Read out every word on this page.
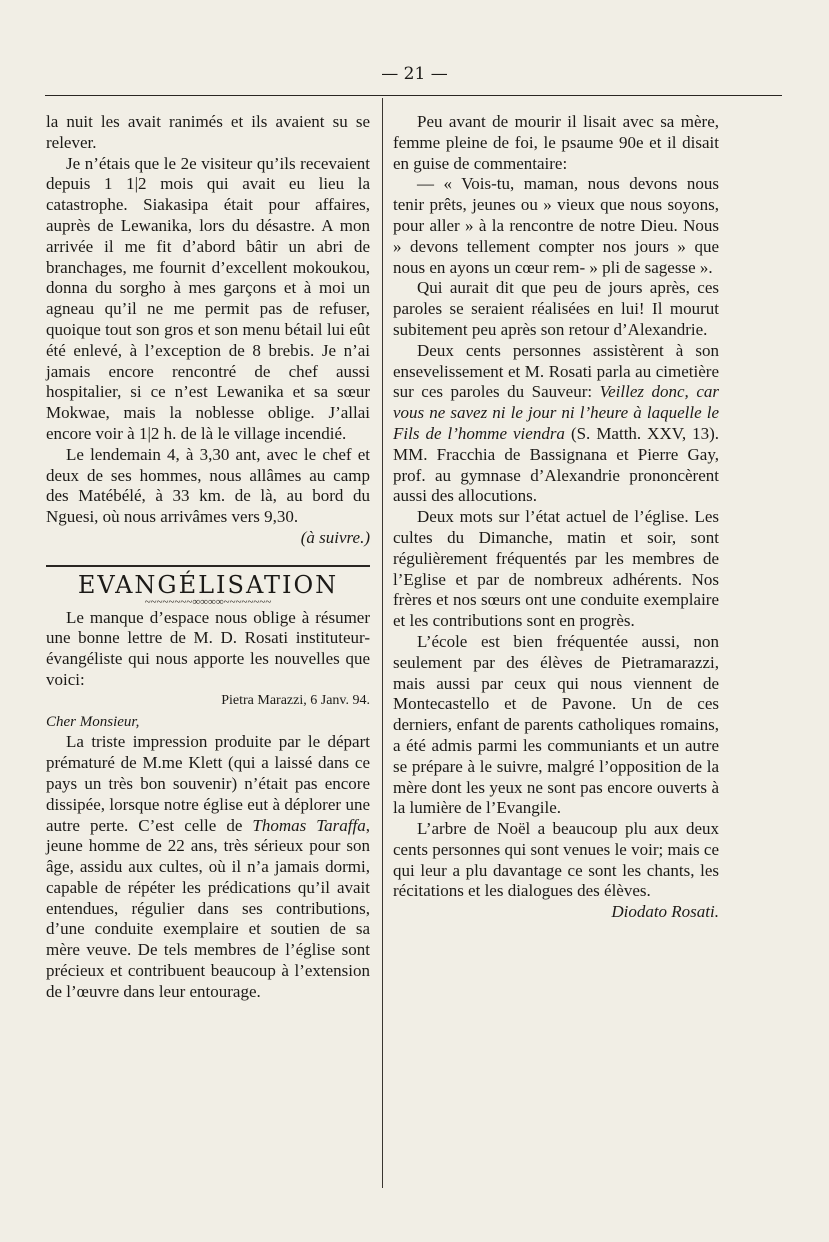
— 21 —

la nuit les avait ranimés et ils avaient su se relever.

Je n’étais que le 2e visiteur qu’ils recevaient depuis 1 1|2 mois qui avait eu lieu la catastrophe. Siakasipa était pour affaires, auprès de Lewanika, lors du désastre. A mon arrivée il me fit d’abord bâtir un abri de branchages, me fournit d’excellent mokoukou, donna du sorgho à mes garçons et à moi un agneau qu’il ne me permit pas de refuser, quoique tout son gros et son menu bétail lui eût été enlevé, à l’exception de 8 brebis. Je n’ai jamais encore rencontré de chef aussi hospitalier, si ce n’est Lewanika et sa sœur Mokwae, mais la noblesse oblige. J’allai encore voir à 1|2 h. de là le village incendié.

Le lendemain 4, à 3,30 ant, avec le chef et deux de ses hommes, nous allâmes au camp des Matébélé, à 33 km. de là, au bord du Nguesi, où nous arrivâmes vers 9,30.

(à suivre.)

EVANGÉLISATION

~~~~~~~~∞∞∞∞~~~~~~~~

Le manque d’espace nous oblige à résumer une bonne lettre de M. D. Rosati instituteur-évangéliste qui nous apporte les nouvelles que voici:

Pietra Marazzi, 6 Janv. 94.

Cher Monsieur,

La triste impression produite par le départ prématuré de M.me Klett (qui a laissé dans ce pays un très bon souvenir) n’était pas encore dissipée, lorsque notre église eut à déplorer une autre perte. C’est celle de Thomas Taraffa, jeune homme de 22 ans, très sérieux pour son âge, assidu aux cultes, où il n’a jamais dormi, capable de répéter les prédications qu’il avait entendues, régulier dans ses contributions, d’une conduite exemplaire et soutien de sa mère veuve. De tels membres de l’église sont précieux et contribuent beaucoup à l’extension de l’œuvre dans leur entourage.

Peu avant de mourir il lisait avec sa mère, femme pleine de foi, le psaume 90e et il disait en guise de commentaire:

— « Vois-tu, maman, nous devons nous tenir prêts, jeunes ou » vieux que nous soyons, pour aller » à la rencontre de notre Dieu. Nous » devons tellement compter nos jours » que nous en ayons un cœur rem- » pli de sagesse ».

Qui aurait dit que peu de jours après, ces paroles se seraient réalisées en lui! Il mourut subitement peu après son retour d’Alexandrie.

Deux cents personnes assistèrent à son ensevelissement et M. Rosati parla au cimetière sur ces paroles du Sauveur: Veillez donc, car vous ne savez ni le jour ni l’heure à laquelle le Fils de l’homme viendra (S. Matth. XXV, 13). MM. Fracchia de Bassignana et Pierre Gay, prof. au gymnase d’Alexandrie prononcèrent aussi des allocutions.

Deux mots sur l’état actuel de l’église. Les cultes du Dimanche, matin et soir, sont régulièrement fréquentés par les membres de l’Eglise et par de nombreux adhérents. Nos frères et nos sœurs ont une conduite exemplaire et les contributions sont en progrès.

L’école est bien fréquentée aussi, non seulement par des élèves de Pietramarazzi, mais aussi par ceux qui nous viennent de Montecastello et de Pavone. Un de ces derniers, enfant de parents catholiques romains, a été admis parmi les communiants et un autre se prépare à le suivre, malgré l’opposition de la mère dont les yeux ne sont pas encore ouverts à la lumière de l’Evangile.

L’arbre de Noël a beaucoup plu aux deux cents personnes qui sont venues le voir; mais ce qui leur a plu davantage ce sont les chants, les récitations et les dialogues des élèves.

Diodato Rosati.
